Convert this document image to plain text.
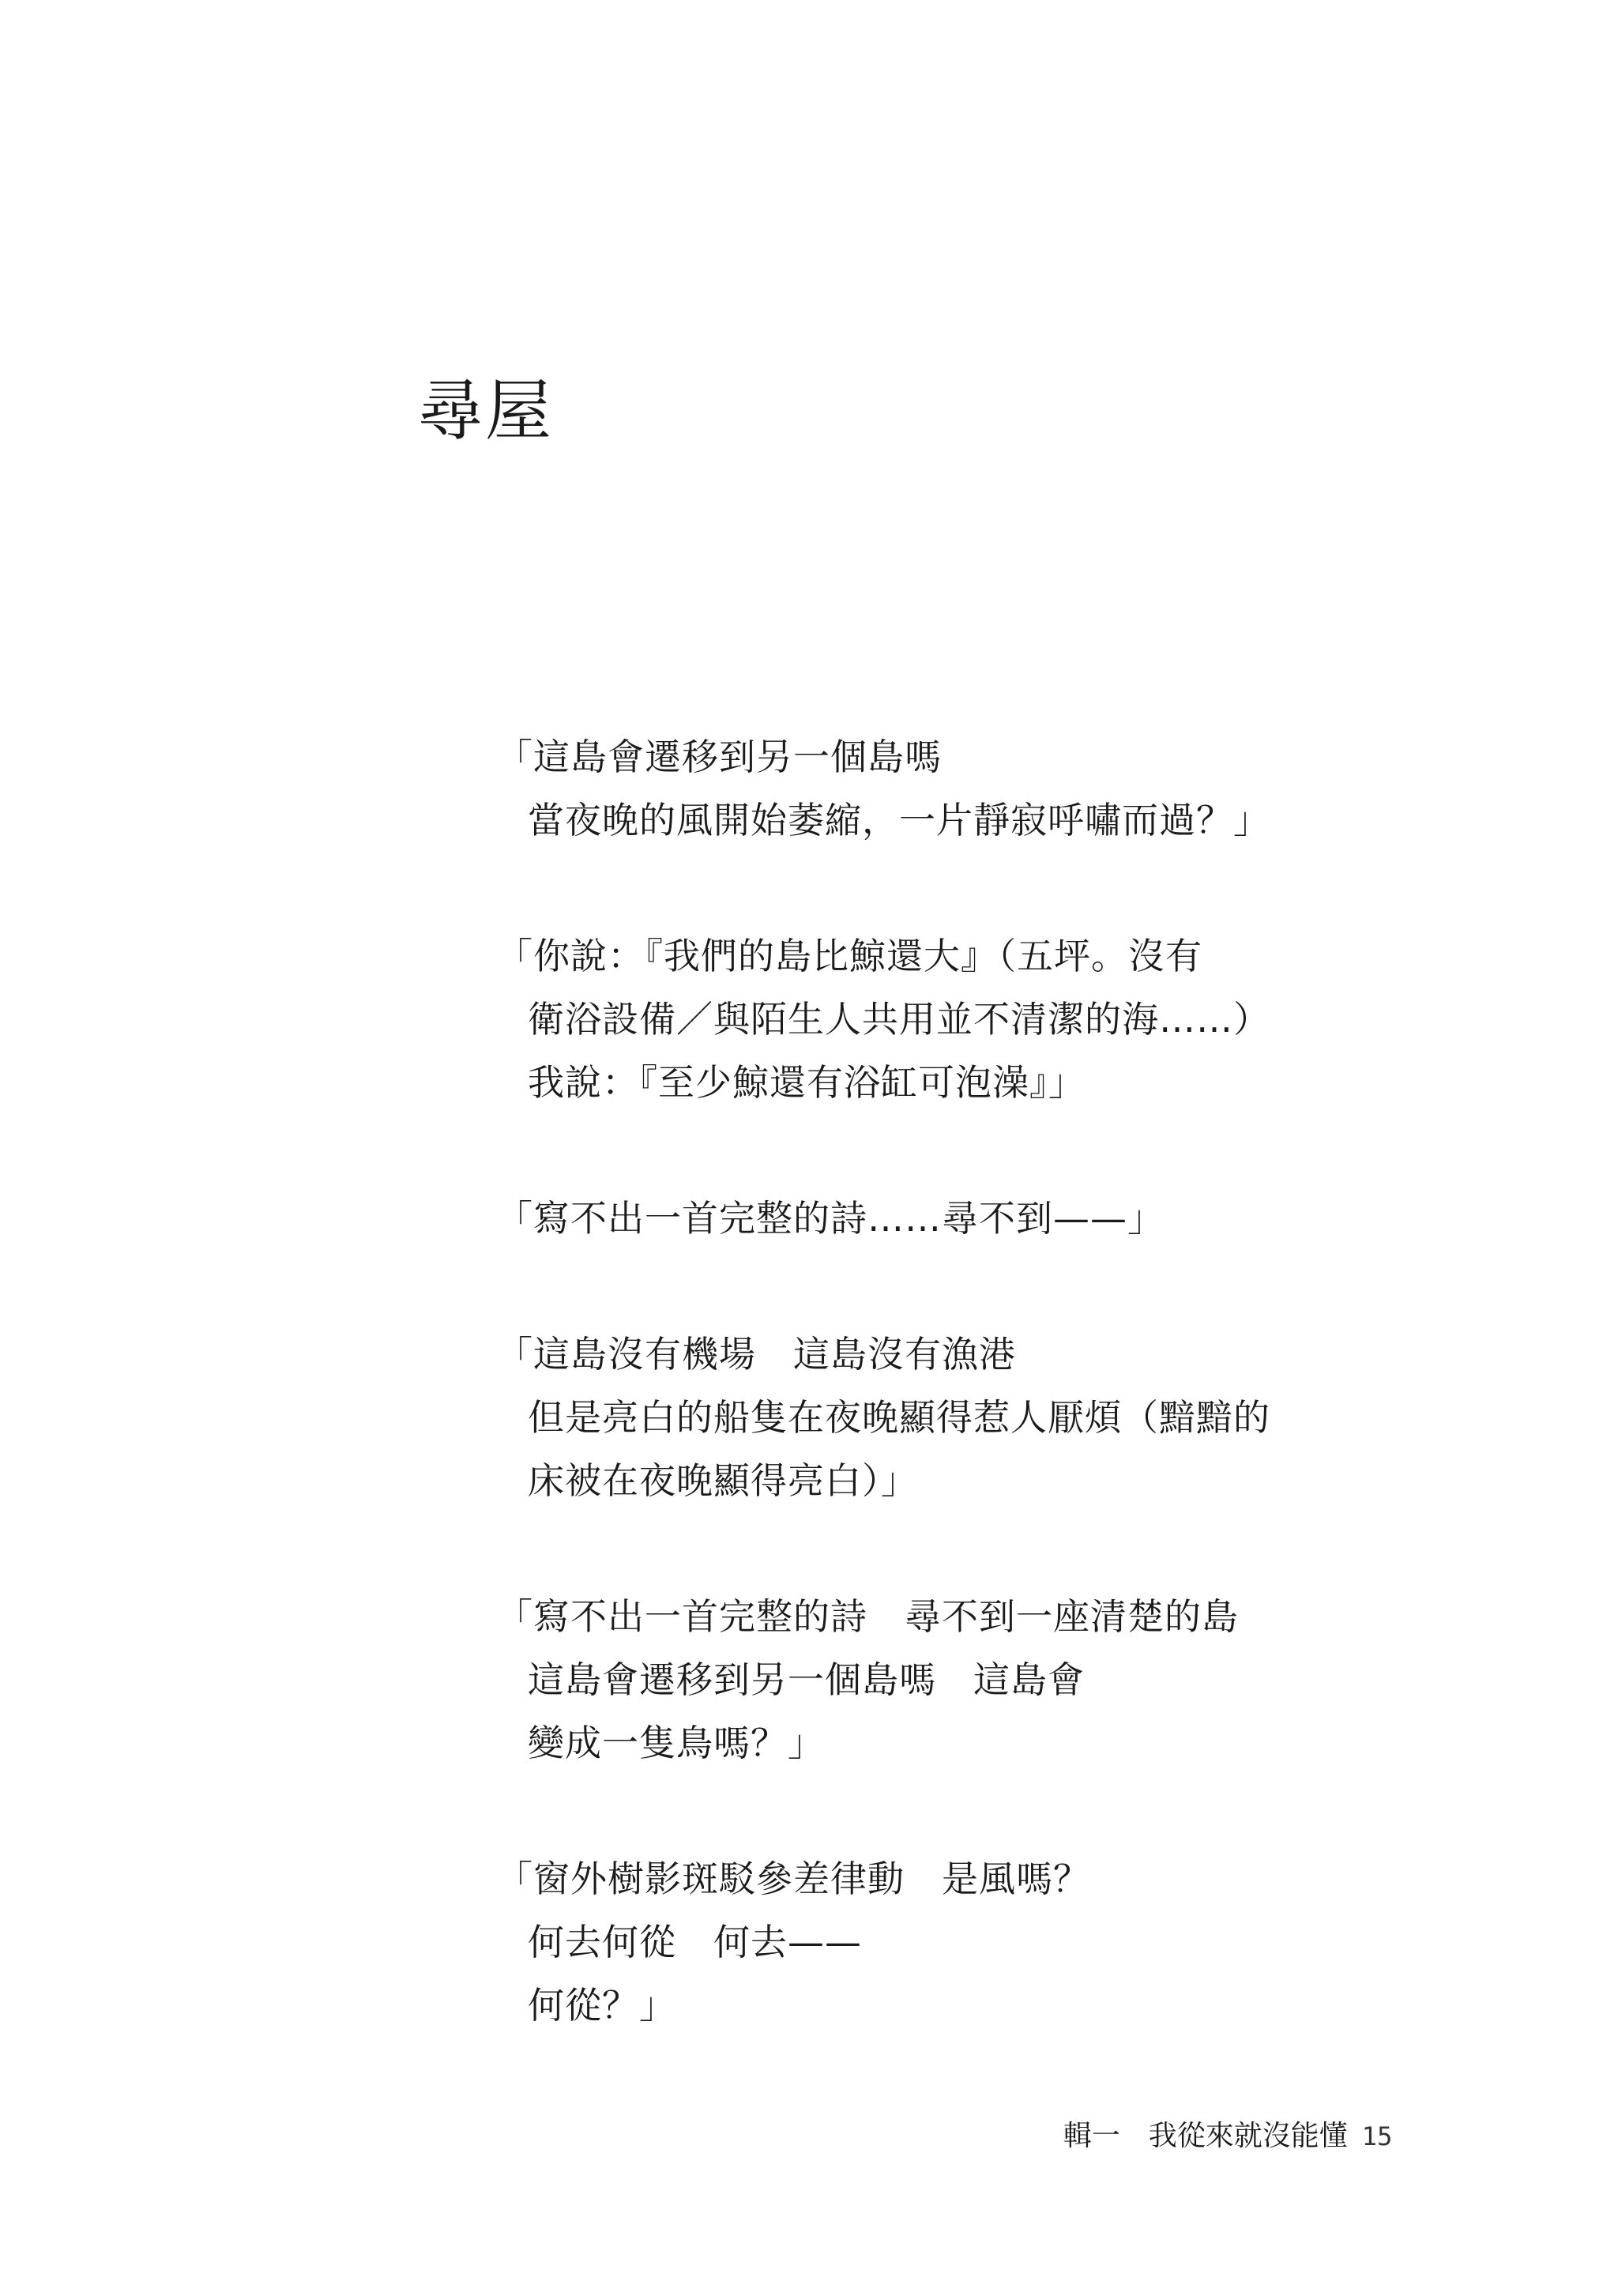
尋屋
「這島會遷移到另一個島嗎
當夜晚的風開始萎縮，一片靜寂呼嘯而過？」
「你說：『我們的島比鯨還大』（五坪。沒有
衛浴設備／與陌生人共用並不清潔的海……）
我說：『至少鯨還有浴缸可泡澡』」
「寫不出一首完整的詩……尋不到——」
「這島沒有機場　這島沒有漁港
但是亮白的船隻在夜晚顯得惹人厭煩（黯黯的
床被在夜晚顯得亮白）」
「寫不出一首完整的詩　尋不到一座清楚的島
這島會遷移到另一個島嗎　這島會
變成一隻鳥嗎？」
「窗外樹影斑駁參差律動　是風嗎？
何去何從　何去——
何從？」

輯一　我從來就沒能懂 15
